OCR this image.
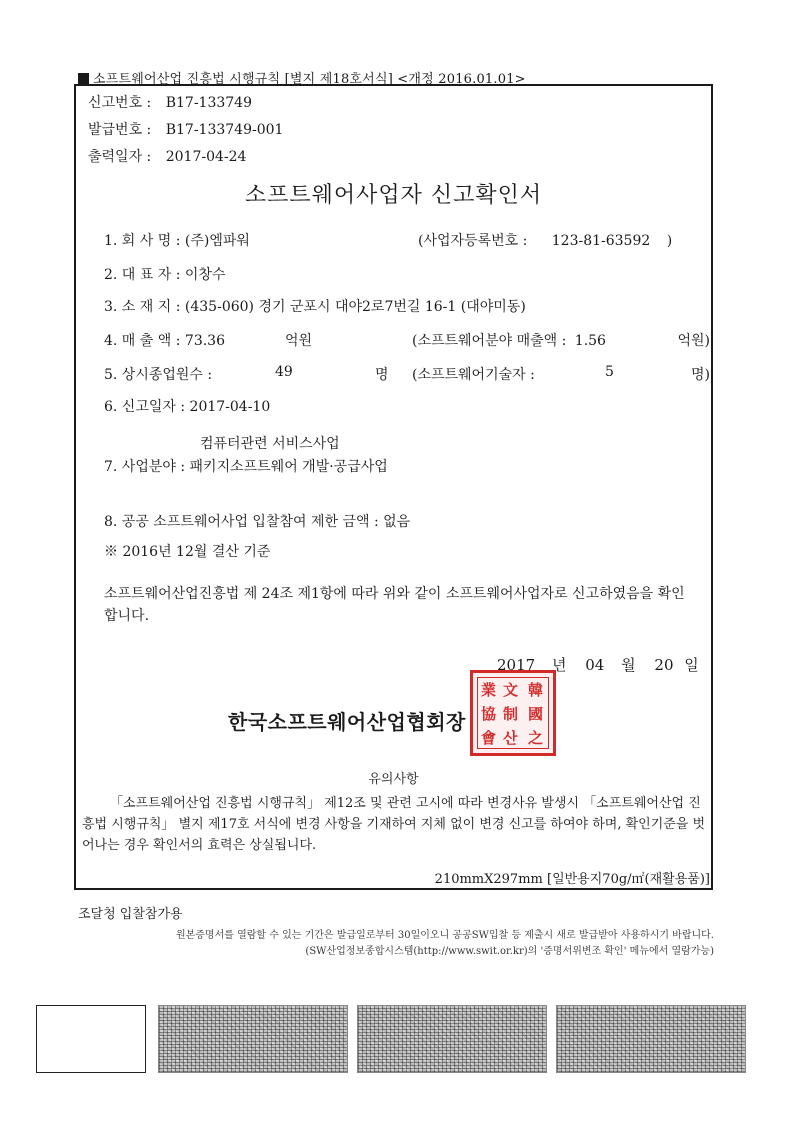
소프트웨어산업 진흥법 시행규칙 [별지 제18호서식] <개정 2016.01.01>
신고번호 : B17-133749
발급번호 : B17-133749-001
출력일자 : 2017-04-24
소프트웨어사업자 신고확인서
1. 회 사 명 : (주)엠파워	(사업자등록번호 : 123-81-63592 )
2. 대 표 자 : 이창수
3. 소 재 지 : (435-060) 경기 군포시 대야2로7번길 16-1 (대야미동)
4. 매 출 액 : 73.36	억원	(소프트웨어분야 매출액 : 1.56	억원)
5. 상시종업원수 :	49	명 (소프트웨어기술자 :	5	명)
6. 신고일자 : 2017-04-10
컴퓨터관련 서비스사업
7. 사업분야 : 패키지소프트웨어 개발·공급사업
8. 공공 소프트웨어사업 입찰참여 제한 금액 : 없음
※ 2016년 12월 결산 기준
소프트웨어산업진흥법 제 24조 제1항에 따라 위와 같이 소프트웨어사업자로 신고하였음을 확인합니다.
2017 년 04 월 20 일
한국소프트웨어산업협회장
業 文 韓
協 制 國
會 산 之
유의사항
「소프트웨어산업 진흥법 시행규칙」 제12조 및 관련 고시에 따라 변경사유 발생시 「소프트웨어산업 진흥법 시행규칙」 별지 제17호 서식에 변경 사항을 기재하여 지체 없이 변경 신고를 하여야 하며, 확인기준을 벗어나는 경우 확인서의 효력은 상실됩니다.
210mmX297mm [일반용지70g/㎡(재활용품)]
조달청 입찰참가용
원본증명서를 열람할 수 있는 기간은 발급일로부터 30일이오니 공공SW입찰 등 제출시 새로 발급받아 사용하시기 바랍니다.
(SW산업정보종합시스템(http://www.swit.or.kr)의 '증명서위변조 확인' 메뉴에서 열람가능)
